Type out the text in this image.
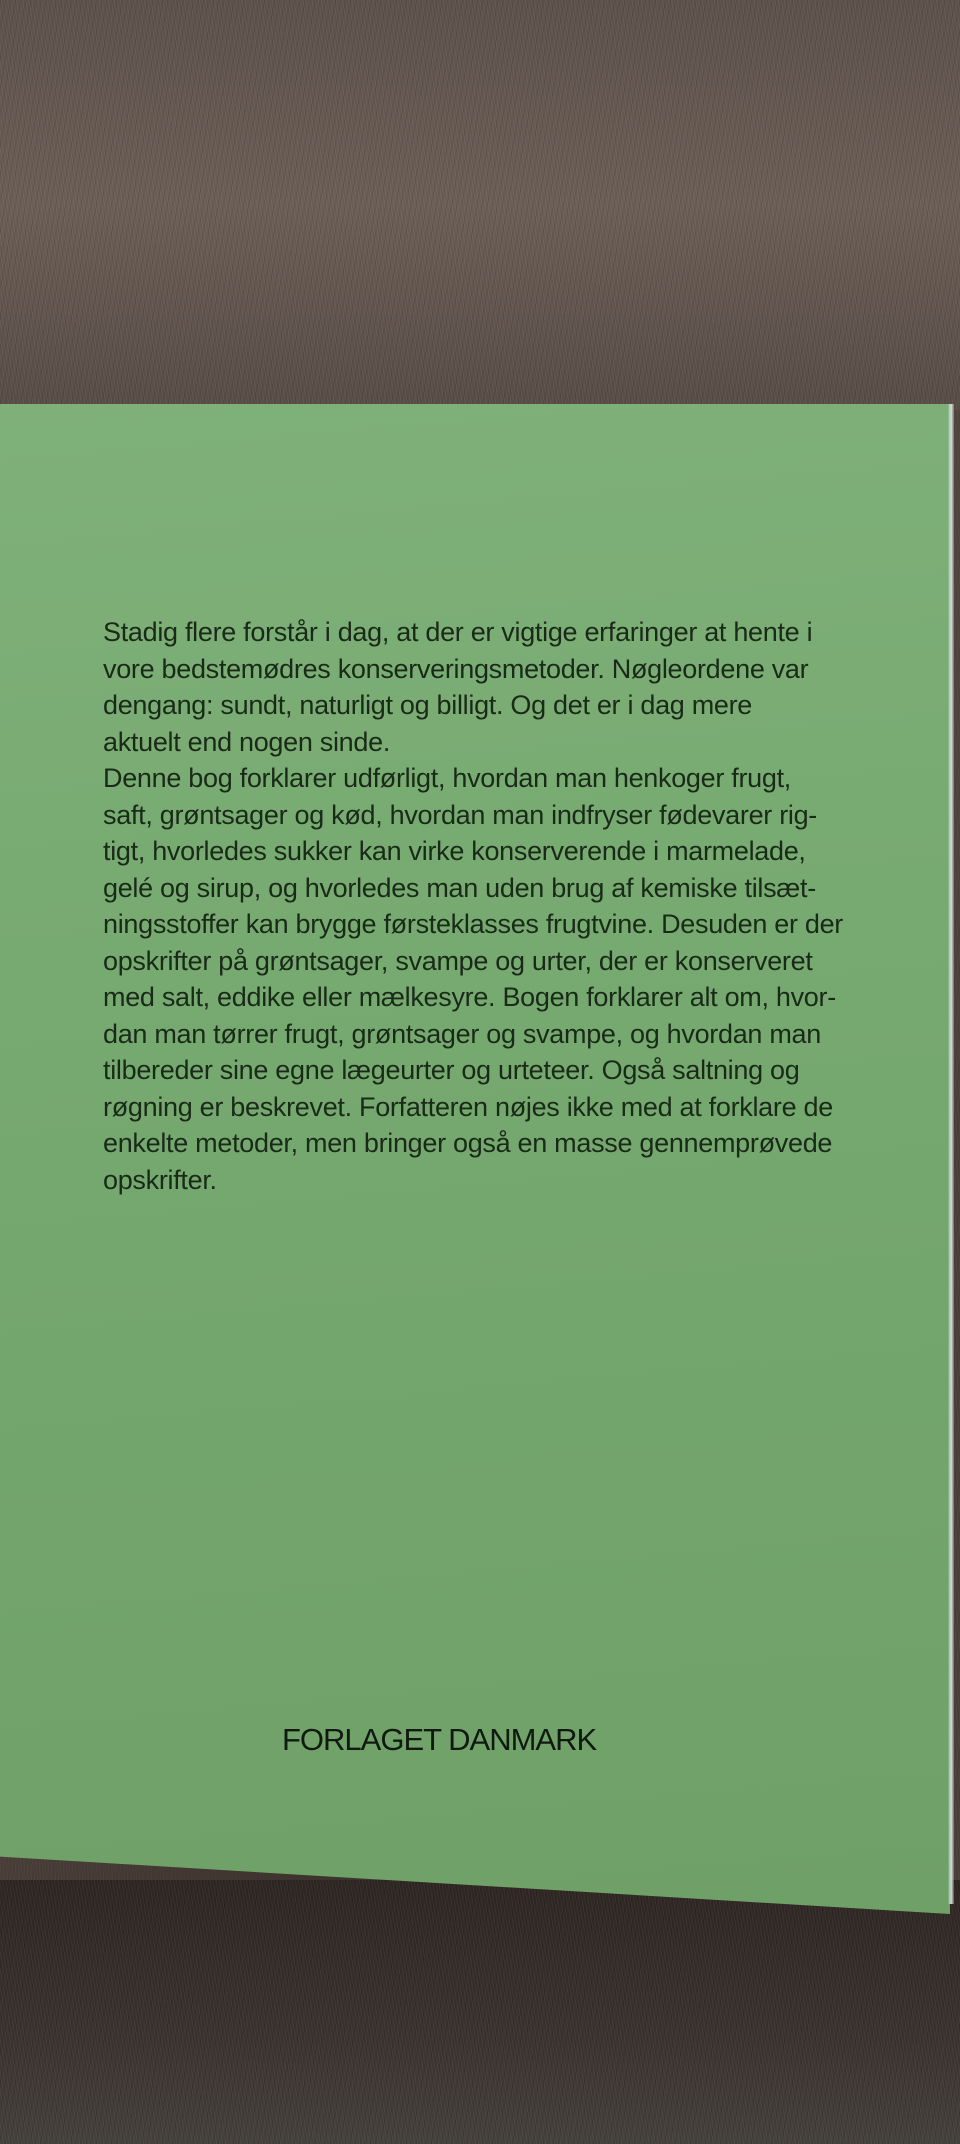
Stadig flere forstår i dag, at der er vigtige erfaringer at hente i
vore bedstemødres konserveringsmetoder. Nøgleordene var
dengang: sundt, naturligt og billigt. Og det er i dag mere
aktuelt end nogen sinde.
Denne bog forklarer udførligt, hvordan man henkoger frugt,
saft, grøntsager og kød, hvordan man indfryser fødevarer rig-
tigt, hvorledes sukker kan virke konserverende i marmelade,
gelé og sirup, og hvorledes man uden brug af kemiske tilsæt-
ningsstoffer kan brygge førsteklasses frugtvine. Desuden er der
opskrifter på grøntsager, svampe og urter, der er konserveret
med salt, eddike eller mælkesyre. Bogen forklarer alt om, hvor-
dan man tørrer frugt, grøntsager og svampe, og hvordan man
tilbereder sine egne lægeurter og urteteer. Også saltning og
røgning er beskrevet. Forfatteren nøjes ikke med at forklare de
enkelte metoder, men bringer også en masse gennemprøvede
opskrifter.
FORLAGET DANMARK
